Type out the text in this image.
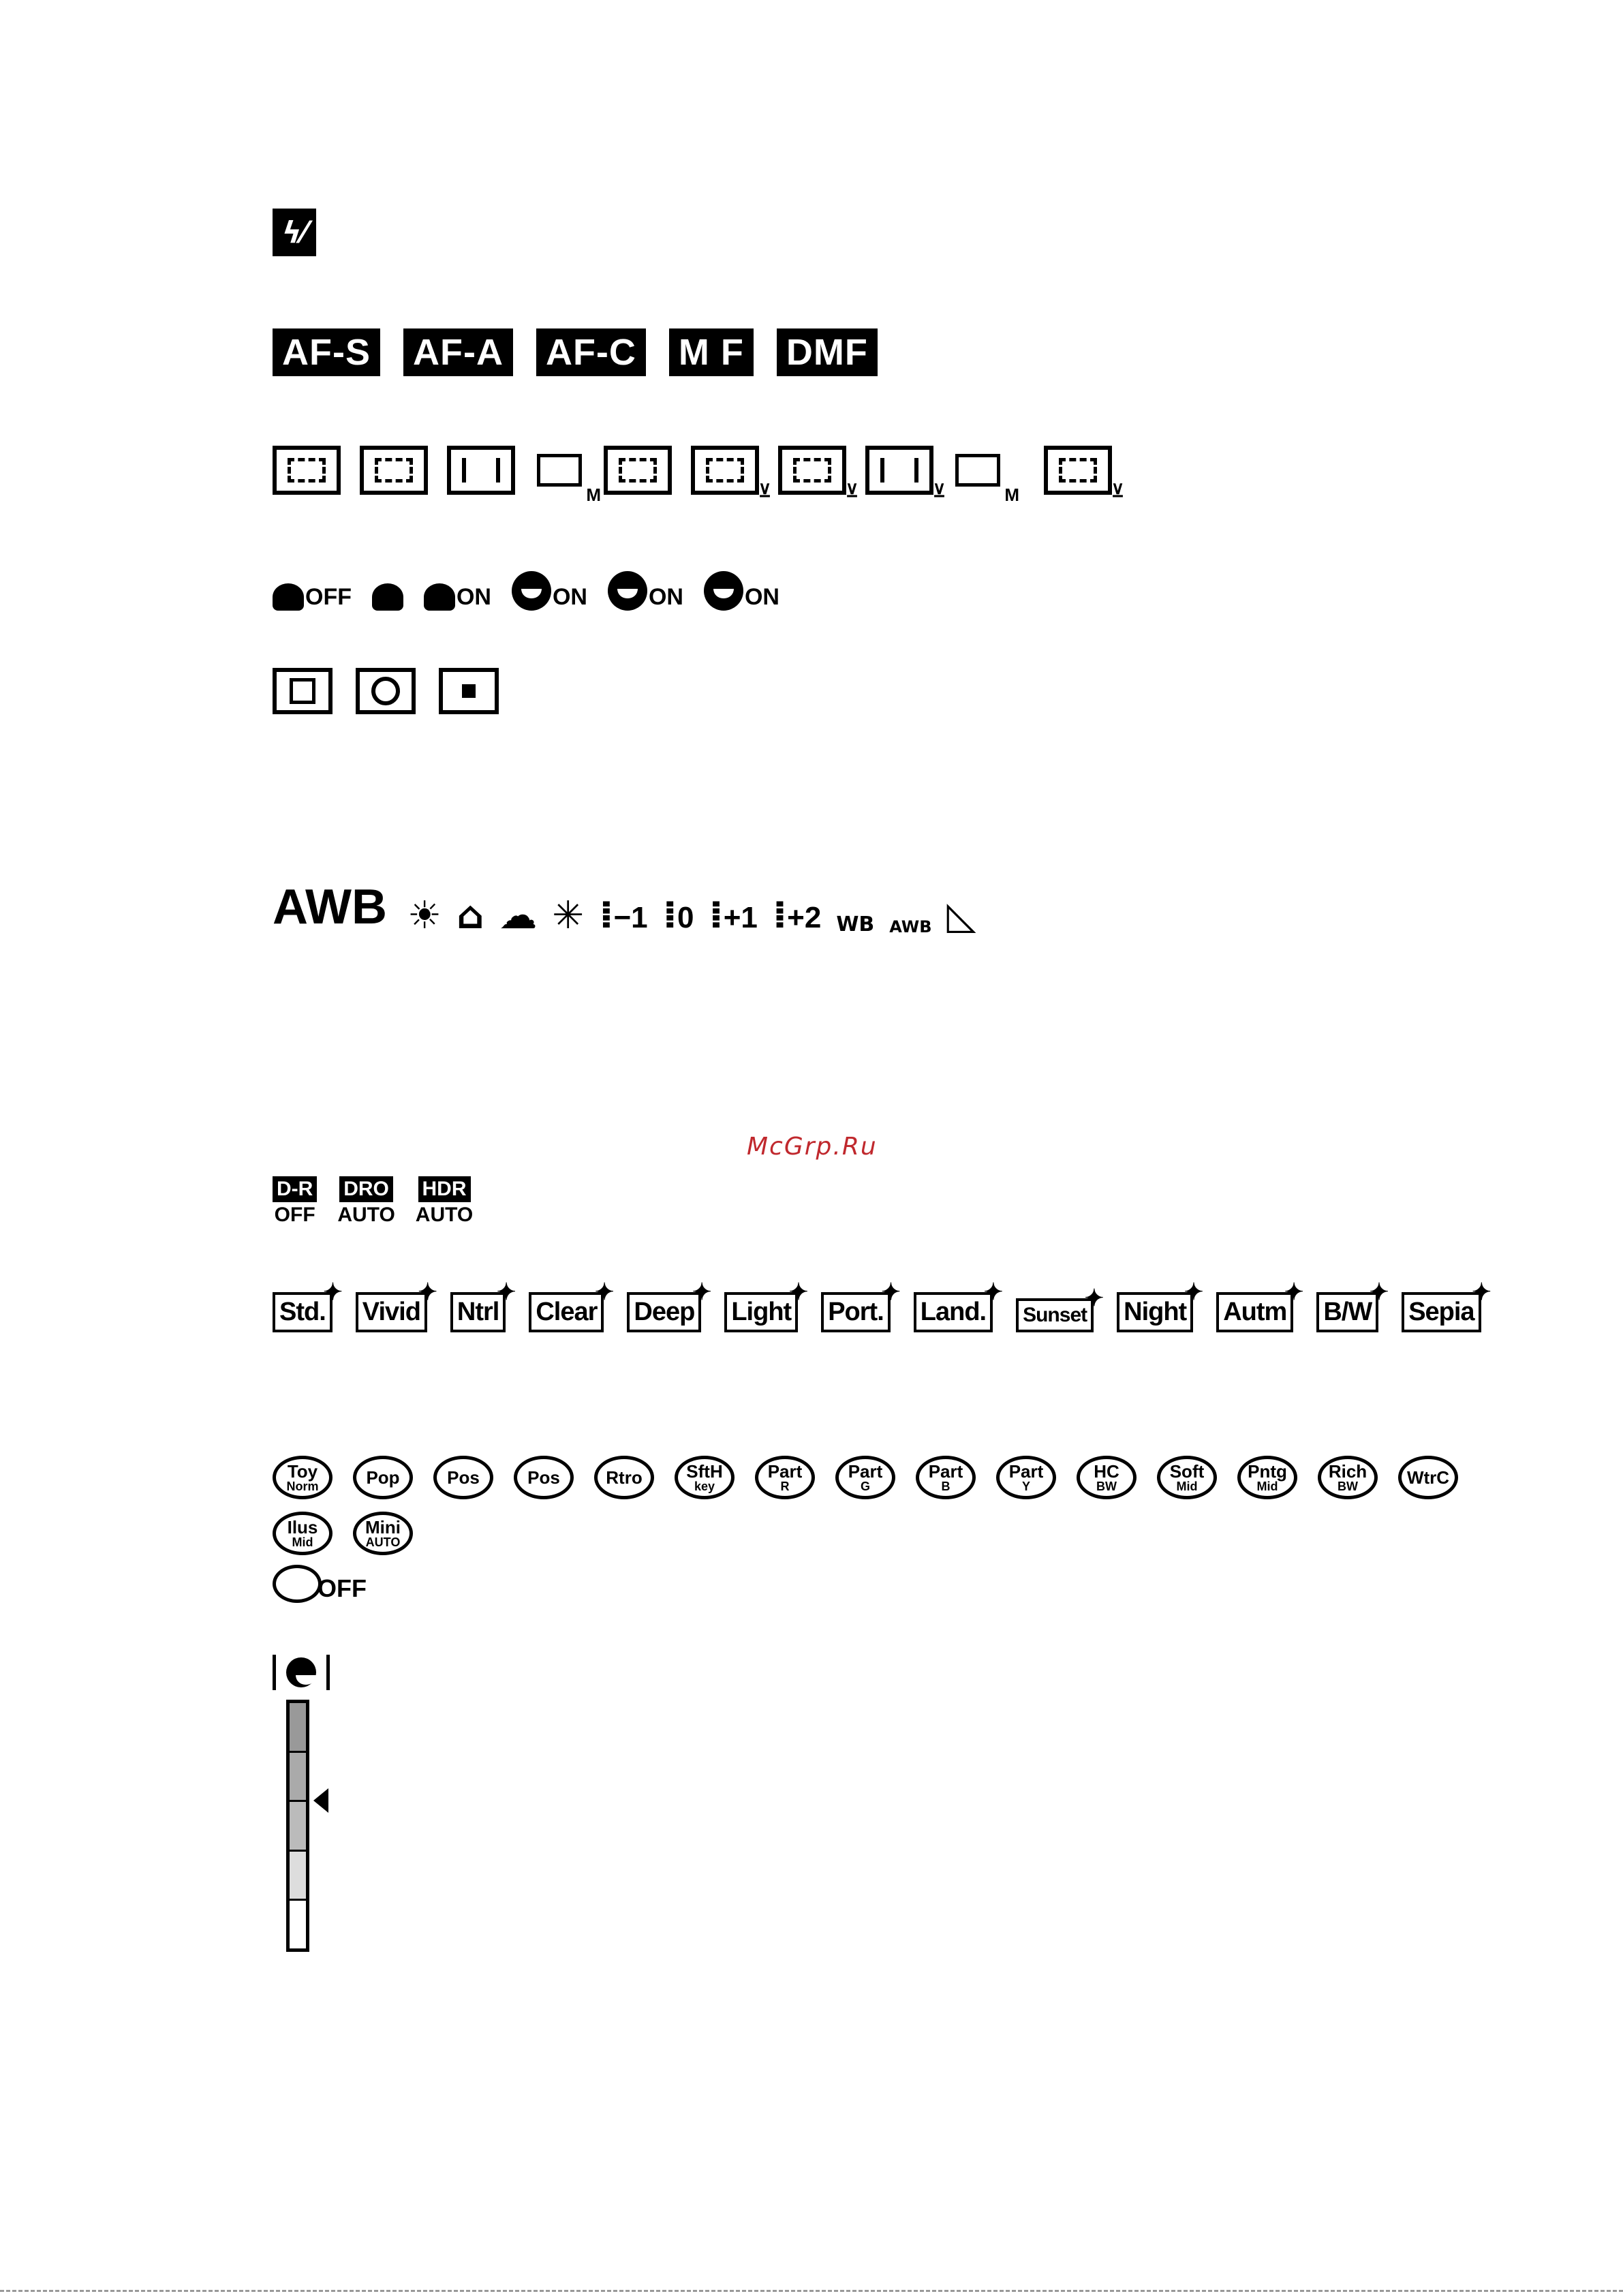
ϟ⁄
AF-S AF-A AF-C M F DMF
M	⊻	⊻	⊻	M	⊻
OFF	ON	ON	ON	ON
AWB ☀ ⌂ ☁ ✳ ⁞−1 ⁞0 ⁞+1 ⁞+2 WB AWB ◺
McGrp.Ru
D-R
OFF
DRO
AUTO
HDR
AUTO
Std.
✦
Vivid
✦
Ntrl
✦
Clear
✦
Deep
✦
Light
✦
Port.
✦
Land.
✦
Sunset
✦ Night
✦
Autm
✦
B/W
✦
Sepia
✦
Toy
Norm	Pop	Pos	Pos	Rtro SftH
key
Part
R
Part
G
Part
B
Part
Y
HC
BW
Soft
Mid
Pntg
Mid
Rich
BW	WtrC
Ilus
Mid
Mini
AUTO
OFF
